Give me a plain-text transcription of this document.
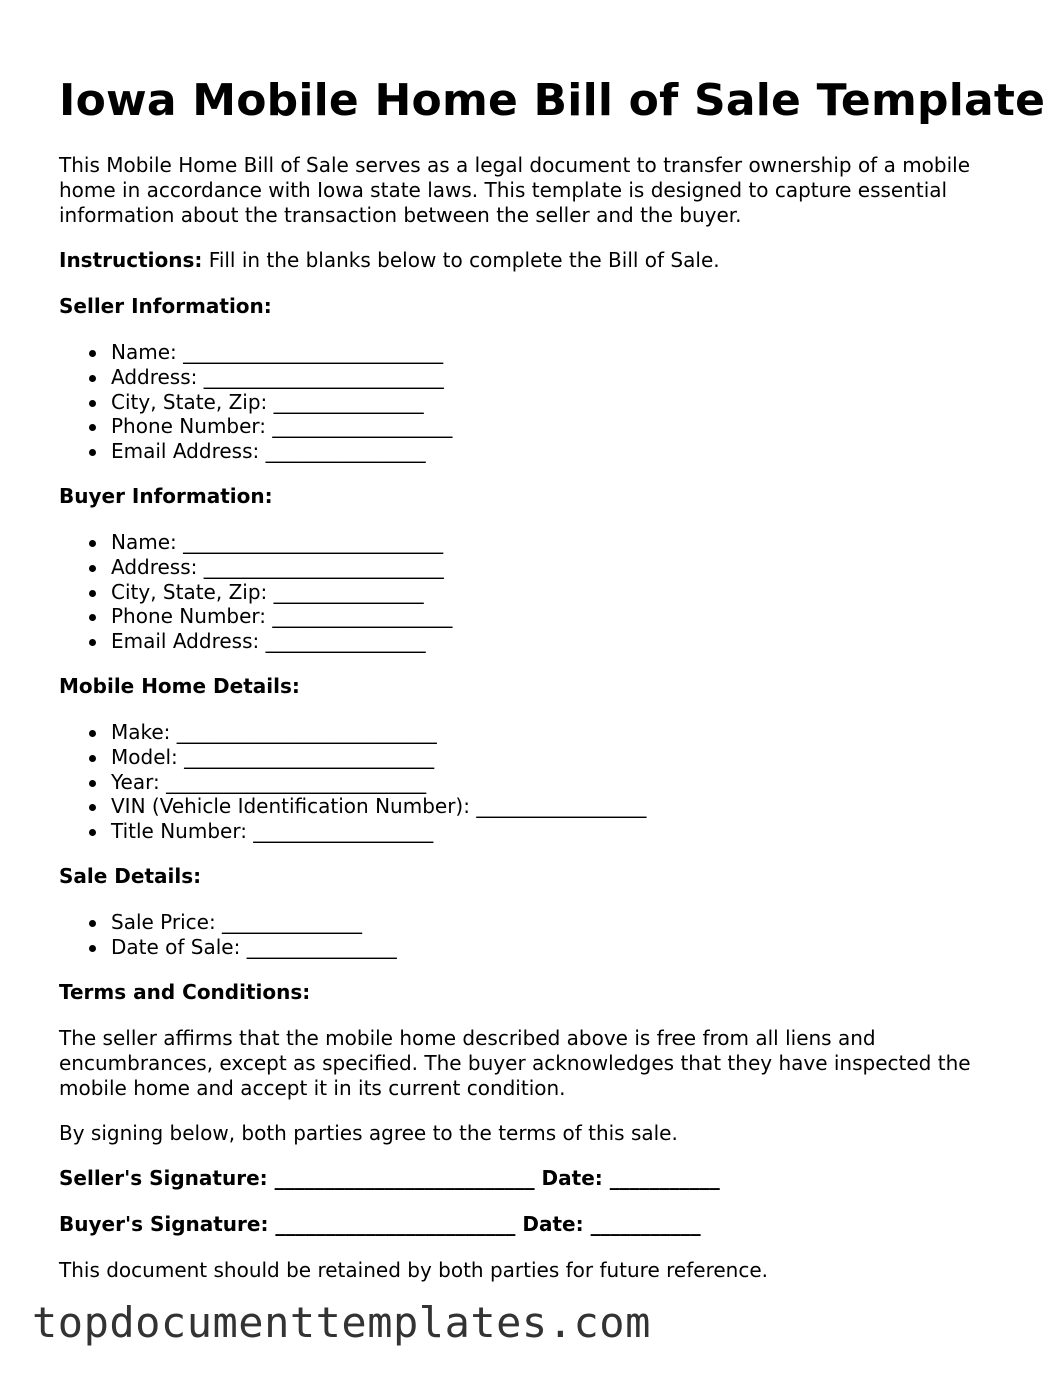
Iowa Mobile Home Bill of Sale Template
This Mobile Home Bill of Sale serves as a legal document to transfer ownership of a mobile home in accordance with Iowa state laws. This template is designed to capture essential information about the transaction between the seller and the buyer.
Instructions: Fill in the blanks below to complete the Bill of Sale.
Seller Information:
Name: __________________________
Address: ________________________
City, State, Zip: _______________
Phone Number: __________________
Email Address: ________________
Buyer Information:
Name: __________________________
Address: ________________________
City, State, Zip: _______________
Phone Number: __________________
Email Address: ________________
Mobile Home Details:
Make: __________________________
Model: _________________________
Year: __________________________
VIN (Vehicle Identification Number): _________________
Title Number: __________________
Sale Details:
Sale Price: ______________
Date of Sale: _______________
Terms and Conditions:
The seller affirms that the mobile home described above is free from all liens and encumbrances, except as specified. The buyer acknowledges that they have inspected the mobile home and accept it in its current condition.
By signing below, both parties agree to the terms of this sale.
Seller's Signature: __________________________ Date: ___________
Buyer's Signature: ________________________ Date: ___________
This document should be retained by both parties for future reference.
topdocumenttemplates.com
